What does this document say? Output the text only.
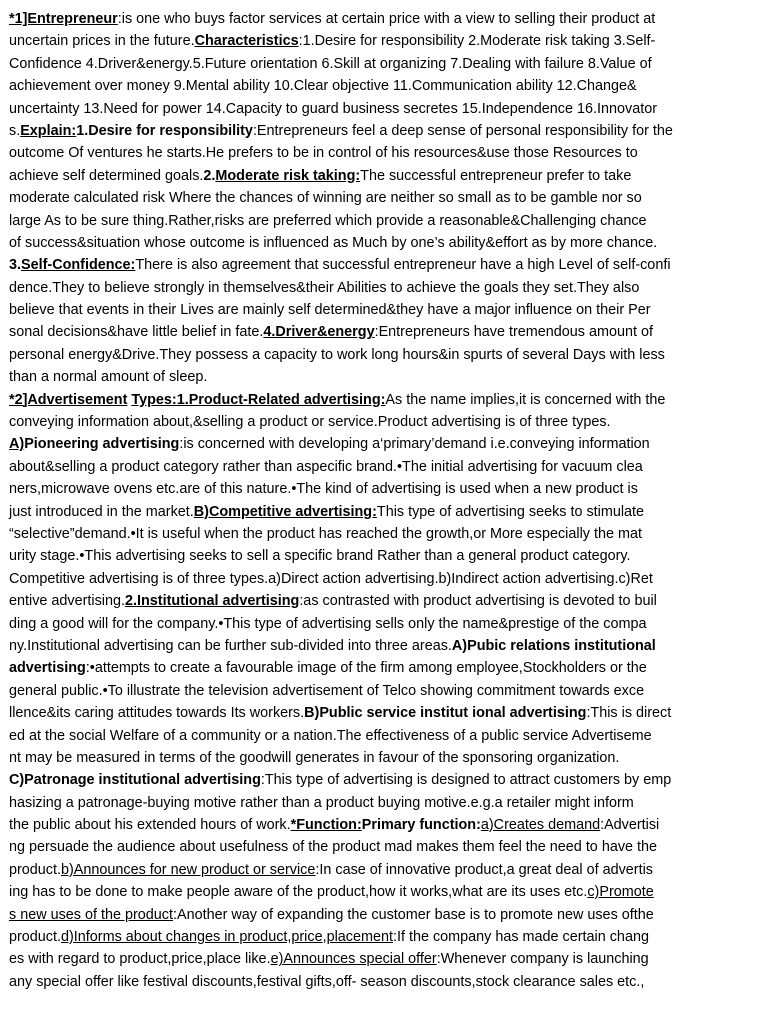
*1]Entrepreneur:is one who buys factor services at certain price with a view to selling their product at
uncertain prices in the future.Characteristics:1.Desire for responsibility 2.Moderate risk taking 3.Self-
Confidence 4.Driver&energy.5.Future orientation 6.Skill at organizing 7.Dealing with failure 8.Value of
achievement over money 9.Mental ability 10.Clear objective 11.Communication ability 12.Change&
uncertainty 13.Need for power 14.Capacity to guard business secretes 15.Independence 16.Innovator
s.Explain:1.Desire for responsibility:Entrepreneurs feel a deep sense of personal responsibility for the
outcome Of ventures he starts.He prefers to be in control of his resources&use those Resources to
achieve self determined goals.2.Moderate risk taking:The successful entrepreneur prefer to take
moderate calculated risk Where the chances of winning are neither so small as to be gamble nor so
large As to be sure thing.Rather,risks are preferred which provide a reasonable&Challenging chance
of success&situation whose outcome is influenced as Much by one’s ability&effort as by more chance.
3.Self-Confidence:There is also agreement that successful entrepreneur have a high Level of self-confi
dence.They to believe strongly in themselves&their Abilities to achieve the goals they set.They also
believe that events in their Lives are mainly self determined&they have a major influence on their Per
sonal decisions&have little belief in fate.4.Driver&energy:Entrepreneurs have tremendous amount of
personal energy&Drive.They possess a capacity to work long hours&in spurts of several Days with less
than a normal amount of sleep.
*2]Advertisement Types:1.Product-Related advertising:As the name implies,it is concerned with the
conveying information about,&selling a product or service.Product advertising is of three types.
A)Pioneering advertising:is concerned with developing a‘primary’demand i.e.conveying information
about&selling a product category rather than aspecific brand.•The initial advertising for vacuum clea
ners,microwave ovens etc.are of this nature.•The kind of advertising is used when a new product is
just introduced in the market.B)Competitive advertising:This type of advertising seeks to stimulate
“selective”demand.•It is useful when the product has reached the growth,or More especially the mat
urity stage.•This advertising seeks to sell a specific brand Rather than a general product category.
Competitive advertising is of three types.a)Direct action advertising.b)Indirect action advertising.c)Ret
entive advertising.2.Institutional advertising:as contrasted with product advertising is devoted to buil
ding a good will for the company.•This type of advertising sells only the name&prestige of the compa
ny.Institutional advertising can be further sub-divided into three areas.A)Pubic relations institutional
advertising:•attempts to create a favourable image of the firm among employee,Stockholders or the
general public.•To illustrate the television advertisement of Telco showing commitment towards exce
llence&its caring attitudes towards Its workers.B)Public service institut ional advertising:This is direct
ed at the social Welfare of a community or a nation.The effectiveness of a public service Advertiseme
nt may be measured in terms of the goodwill generates in favour of the sponsoring organization.
C)Patronage institutional advertising:This type of advertising is designed to attract customers by emp
hasizing a patronage-buying motive rather than a product buying motive.e.g.a retailer might inform
the public about his extended hours of work.*Function:Primary function:a)Creates demand:Advertisi
ng persuade the audience about usefulness of the product mad makes them feel the need to have the
product.b)Announces for new product or service:In case of innovative product,a great deal of advertis
ing has to be done to make people aware of the product,how it works,what are its uses etc.c)Promote
s new uses of the product:Another way of expanding the customer base is to promote new uses ofthe
product.d)Informs about changes in product,price,placement:If the company has made certain chang
es with regard to product,price,place like.e)Announces special offer:Whenever company is launching
any special offer like festival discounts,festival gifts,off- season discounts,stock clearance sales etc.,
